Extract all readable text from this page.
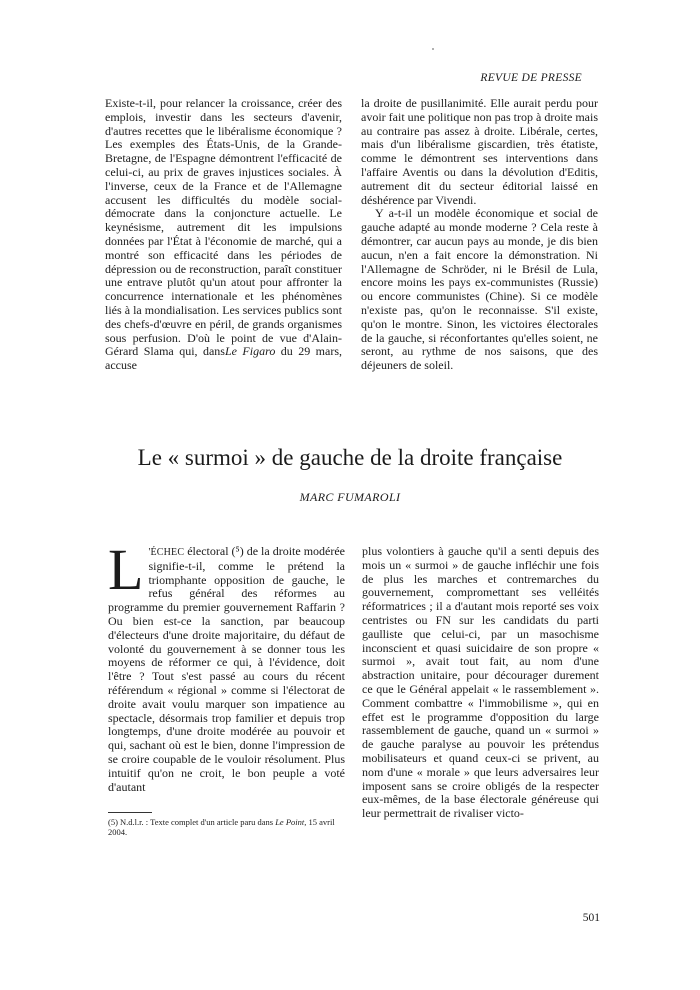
REVUE DE PRESSE

Existe-t-il, pour relancer la croissance, créer des emplois, investir dans les secteurs d'avenir, d'autres recettes que le libéralisme économique ? Les exemples des États-Unis, de la Grande-Bretagne, de l'Espagne démontrent l'efficacité de celui-ci, au prix de graves injustices sociales. À l'inverse, ceux de la France et de l'Allemagne accusent les difficultés du modèle social-démocrate dans la conjoncture actuelle. Le keynésisme, autrement dit les impulsions données par l'État à l'économie de marché, qui a montré son efficacité dans les périodes de dépression ou de reconstruction, paraît constituer une entrave plutôt qu'un atout pour affronter la concurrence internationale et les phénomènes liés à la mondialisation. Les services publics sont des chefs-d'œuvre en péril, de grands organismes sous perfusion. D'où le point de vue d'Alain-Gérard Slama qui, dansLe Figaro du 29 mars, accuse

la droite de pusillanimité. Elle aurait perdu pour avoir fait une politique non pas trop à droite mais au contraire pas assez à droite. Libérale, certes, mais d'un libéralisme giscardien, très étatiste, comme le démontrent ses interventions dans l'affaire Aventis ou dans la dévolution d'Editis, autrement dit du secteur éditorial laissé en déshérence par Vivendi.

Y a-t-il un modèle économique et social de gauche adapté au monde moderne ? Cela reste à démontrer, car aucun pays au monde, je dis bien aucun, n'en a fait encore la démonstration. Ni l'Allemagne de Schröder, ni le Brésil de Lula, encore moins les pays ex-communistes (Russie) ou encore communistes (Chine). Si ce modèle n'existe pas, qu'on le reconnaisse. S'il existe, qu'on le montre. Sinon, les victoires électorales de la gauche, si réconfortantes qu'elles soient, ne seront, au rythme de nos saisons, que des déjeuners de soleil.

Le « surmoi » de gauche de la droite française
MARC FUMAROLI

L 'ÉCHEC électoral (⁵) de la droite modérée signifie-t-il, comme le prétend la triomphante opposition de gauche, le refus général des réformes au programme du premier gouvernement Raffarin ? Ou bien est-ce la sanction, par beaucoup d'électeurs d'une droite majoritaire, du défaut de volonté du gouvernement à se donner tous les moyens de réformer ce qui, à l'évidence, doit l'être ? Tout s'est passé au cours du récent référendum « régional » comme si l'électorat de droite avait voulu marquer son impatience au spectacle, désormais trop familier et depuis trop longtemps, d'une droite modérée au pouvoir et qui, sachant où est le bien, donne l'impression de se croire coupable de le vouloir résolument. Plus intuitif qu'on ne croit, le bon peuple a voté d'autant

plus volontiers à gauche qu'il a senti depuis des mois un « surmoi » de gauche infléchir une fois de plus les marches et contremarches du gouvernement, compromettant ses velléités réformatrices ; il a d'autant mois reporté ses voix centristes ou FN sur les candidats du parti gaulliste que celui-ci, par un masochisme inconscient et quasi suicidaire de son propre « surmoi », avait tout fait, au nom d'une abstraction unitaire, pour décourager durement ce que le Général appelait « le rassemblement ». Comment combattre « l'immobilisme », qui en effet est le programme d'opposition du large rassemblement de gauche, quand un « surmoi » de gauche paralyse au pouvoir les prétendus mobilisateurs et quand ceux-ci se privent, au nom d'une « morale » que leurs adversaires leur imposent sans se croire obligés de la respecter eux-mêmes, de la base électorale généreuse qui leur permettrait de rivaliser victo-

(5) N.d.l.r. : Texte complet d'un article paru dans Le Point, 15 avril 2004.
501
